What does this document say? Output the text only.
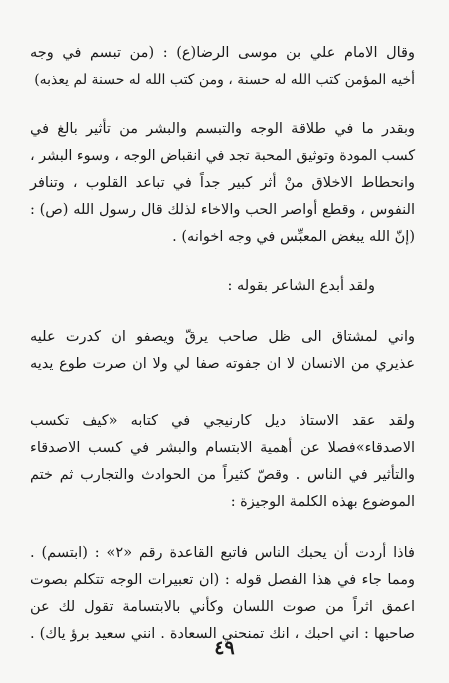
وقال الامام علي بن موسى الرضا(ع) : (من تبسم في وجه
أخيه المؤمن كتب الله له حسنة ، ومن كتب الله له حسنة لم يعذبه)
وبقدر ما في طلاقة الوجه والتبسم والبشر من تأثير بالغ في
كسب المودة وتوثيق المحبة تجد في انقباض الوجه ، وسوء البشر ،
وانحطاط الاخلاق منْ أثر كبير جداً في تباعد القلوب ، وتنافر
النفوس ، وقطع أواصر الحب والاخاء لذلك قال رسول الله (ص) :
(إنّ الله يبغض المعبِّس في وجه اخوانه) .
ولقد أبدع الشاعر بقوله :
واني لمشتاق الى ظل صاحب يرقّ ويصفو ان كدرت عليه
عذيري من الانسان لا ان جفوته صفا لي ولا ان صرت طوع يديه
ولقد عقد الاستاذ ديل كارنيجي في كتابه «كيف تكسب
الاصدقاء»فصلا عن أهمية الابتسام والبشر في كسب الاصدقاء
والتأثير في الناس . وقصّ كثيراً من الحوادث والتجارب ثم ختم
الموضوع بهذه الكلمة الوجيزة :
فاذا أردت أن يحبك الناس فاتبع القاعدة رقم «٢» : (ابتسم) .
ومما جاء في هذا الفصل قوله : (ان تعبيرات الوجه تتكلم بصوت
اعمق اثراً من صوت اللسان وكأني بالابتسامة تقول لك عن
صاحبها : اني احبك ، انك تمنحني السعادة . انني سعيد برؤ ياك) .
٤٩
